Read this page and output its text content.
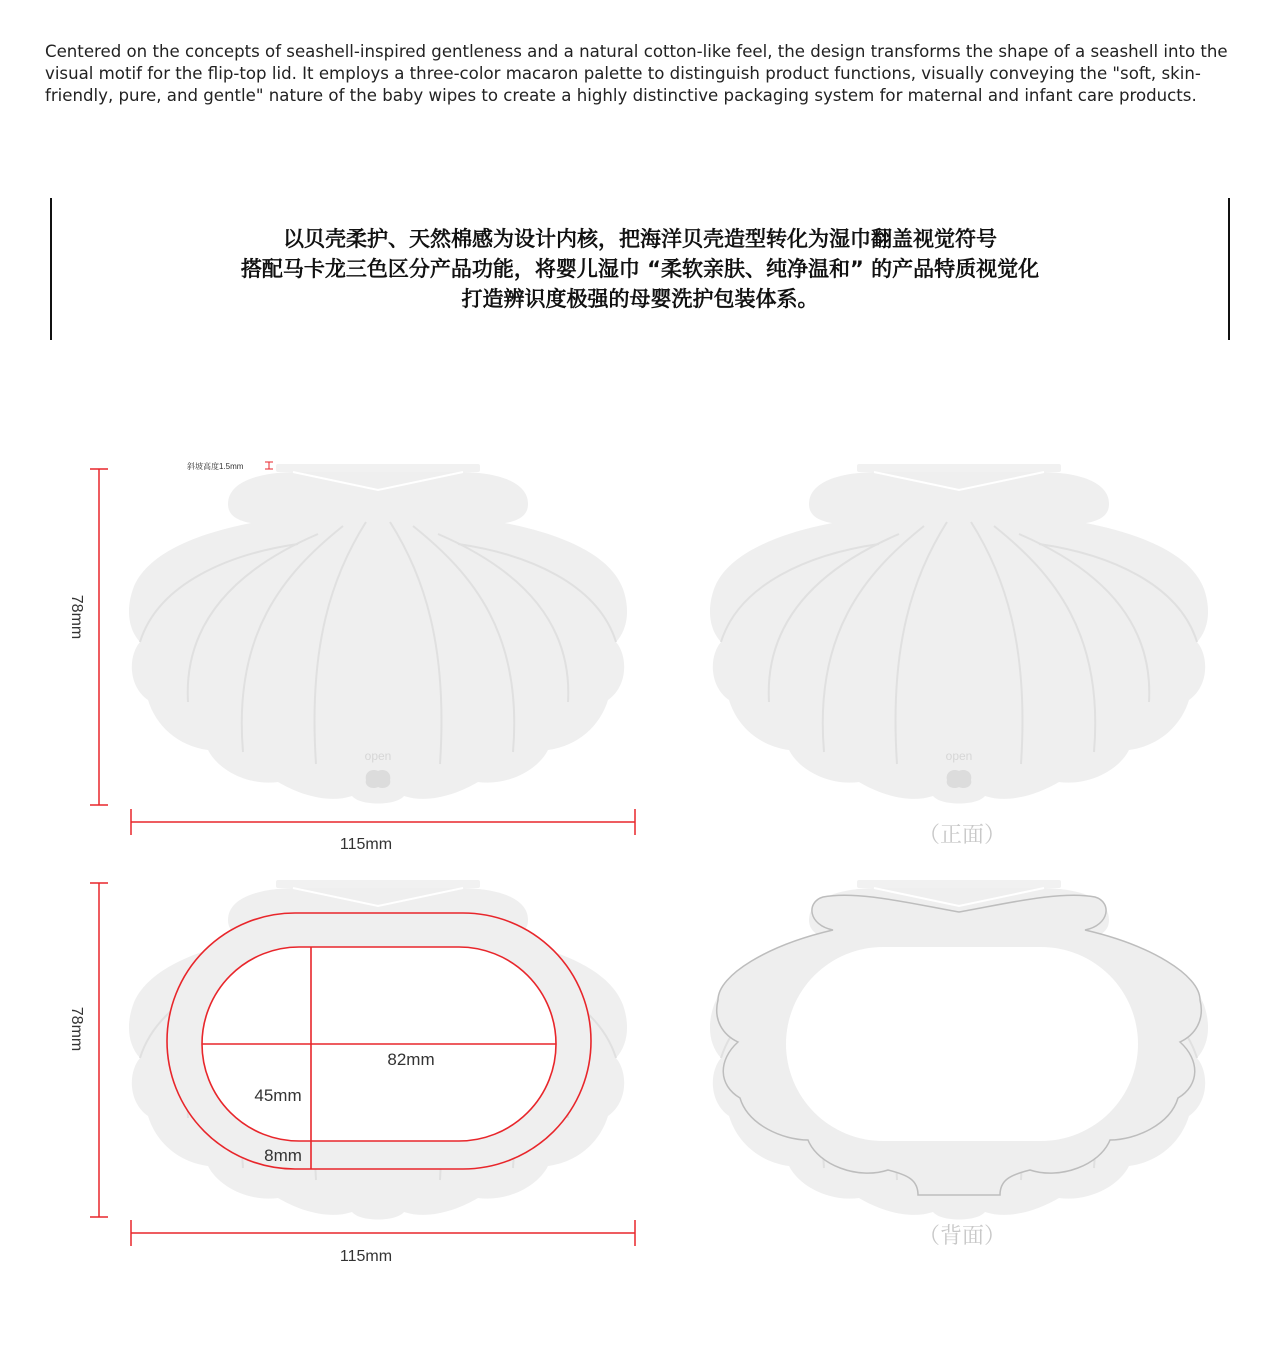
Centered on the concepts of seashell-inspired gentleness and a natural cotton-like feel, the design transforms the shape of a seashell into the visual motif for the flip-top lid. It employs a three-color macaron palette to distinguish product functions, visually conveying the "soft, skin-friendly, pure, and gentle" nature of the baby wipes to create a highly distinctive packaging system for maternal and infant care products.

以贝壳柔护、天然棉感为设计内核，把海洋贝壳造型转化为湿巾翻盖视觉符号
搭配马卡龙三色区分产品功能，将婴儿湿巾 “柔软亲肤、纯净温和” 的产品特质视觉化
打造辨识度极强的母婴洗护包装体系。
open
斜坡高度1.5mm
78mm
115mm
open
（正面）
82mm
45mm
8mm
78mm
115mm
（背面）
